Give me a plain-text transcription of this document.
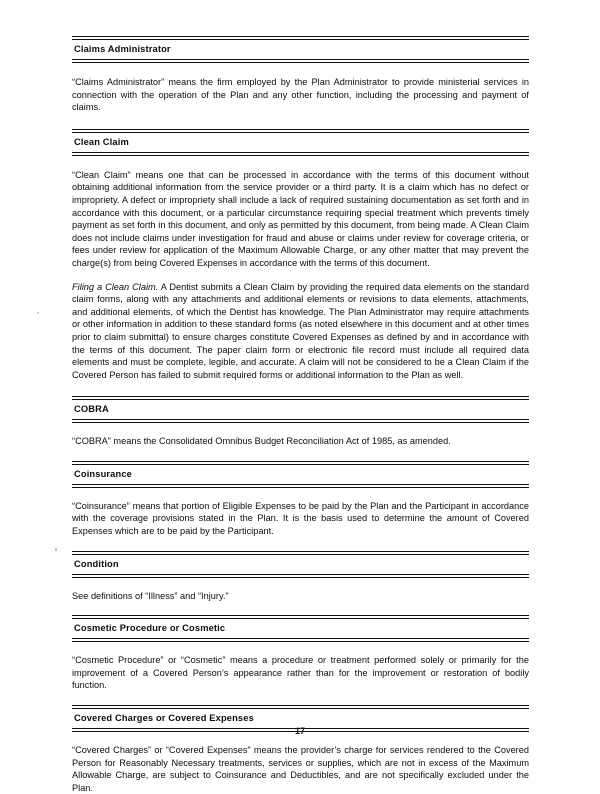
Claims Administrator

“Claims Administrator” means the firm employed by the Plan Administrator to provide ministerial services in connection with the operation of the Plan and any other function, including the processing and payment of claims.

Clean Claim

“Clean Claim” means one that can be processed in accordance with the terms of this document without obtaining additional information from the service provider or a third party. It is a claim which has no defect or impropriety. A defect or impropriety shall include a lack of required sustaining documentation as set forth and in accordance with this document, or a particular circumstance requiring special treatment which prevents timely payment as set forth in this document, and only as permitted by this document, from being made. A Clean Claim does not include claims under investigation for fraud and abuse or claims under review for coverage criteria, or fees under review for application of the Maximum Allowable Charge, or any other matter that may prevent the charge(s) from being Covered Expenses in accordance with the terms of this document.

Filing a Clean Claim. A Dentist submits a Clean Claim by providing the required data elements on the standard claim forms, along with any attachments and additional elements or revisions to data elements, attachments, and additional elements, of which the Dentist has knowledge. The Plan Administrator may require attachments or other information in addition to these standard forms (as noted elsewhere in this document and at other times prior to claim submittal) to ensure charges constitute Covered Expenses as defined by and in accordance with the terms of this document. The paper claim form or electronic file record must include all required data elements and must be complete, legible, and accurate. A claim will not be considered to be a Clean Claim if the Covered Person has failed to submit required forms or additional information to the Plan as well.

COBRA

“COBRA” means the Consolidated Omnibus Budget Reconciliation Act of 1985, as amended.

Coinsurance

“Coinsurance” means that portion of Eligible Expenses to be paid by the Plan and the Participant in accordance with the coverage provisions stated in the Plan. It is the basis used to determine the amount of Covered Expenses which are to be paid by the Participant.

Condition

See definitions of “Illness” and “Injury.”

Cosmetic Procedure or Cosmetic

“Cosmetic Procedure” or “Cosmetic” means a procedure or treatment performed solely or primarily for the improvement of a Covered Person’s appearance rather than for the improvement or restoration of bodily function.

Covered Charges or Covered Expenses

“Covered Charges” or “Covered Expenses” means the provider’s charge for services rendered to the Covered Person for Reasonably Necessary treatments, services or supplies, which are not in excess of the Maximum Allowable Charge, are subject to Coinsurance and Deductibles, and are not specifically excluded under the Plan.

17
